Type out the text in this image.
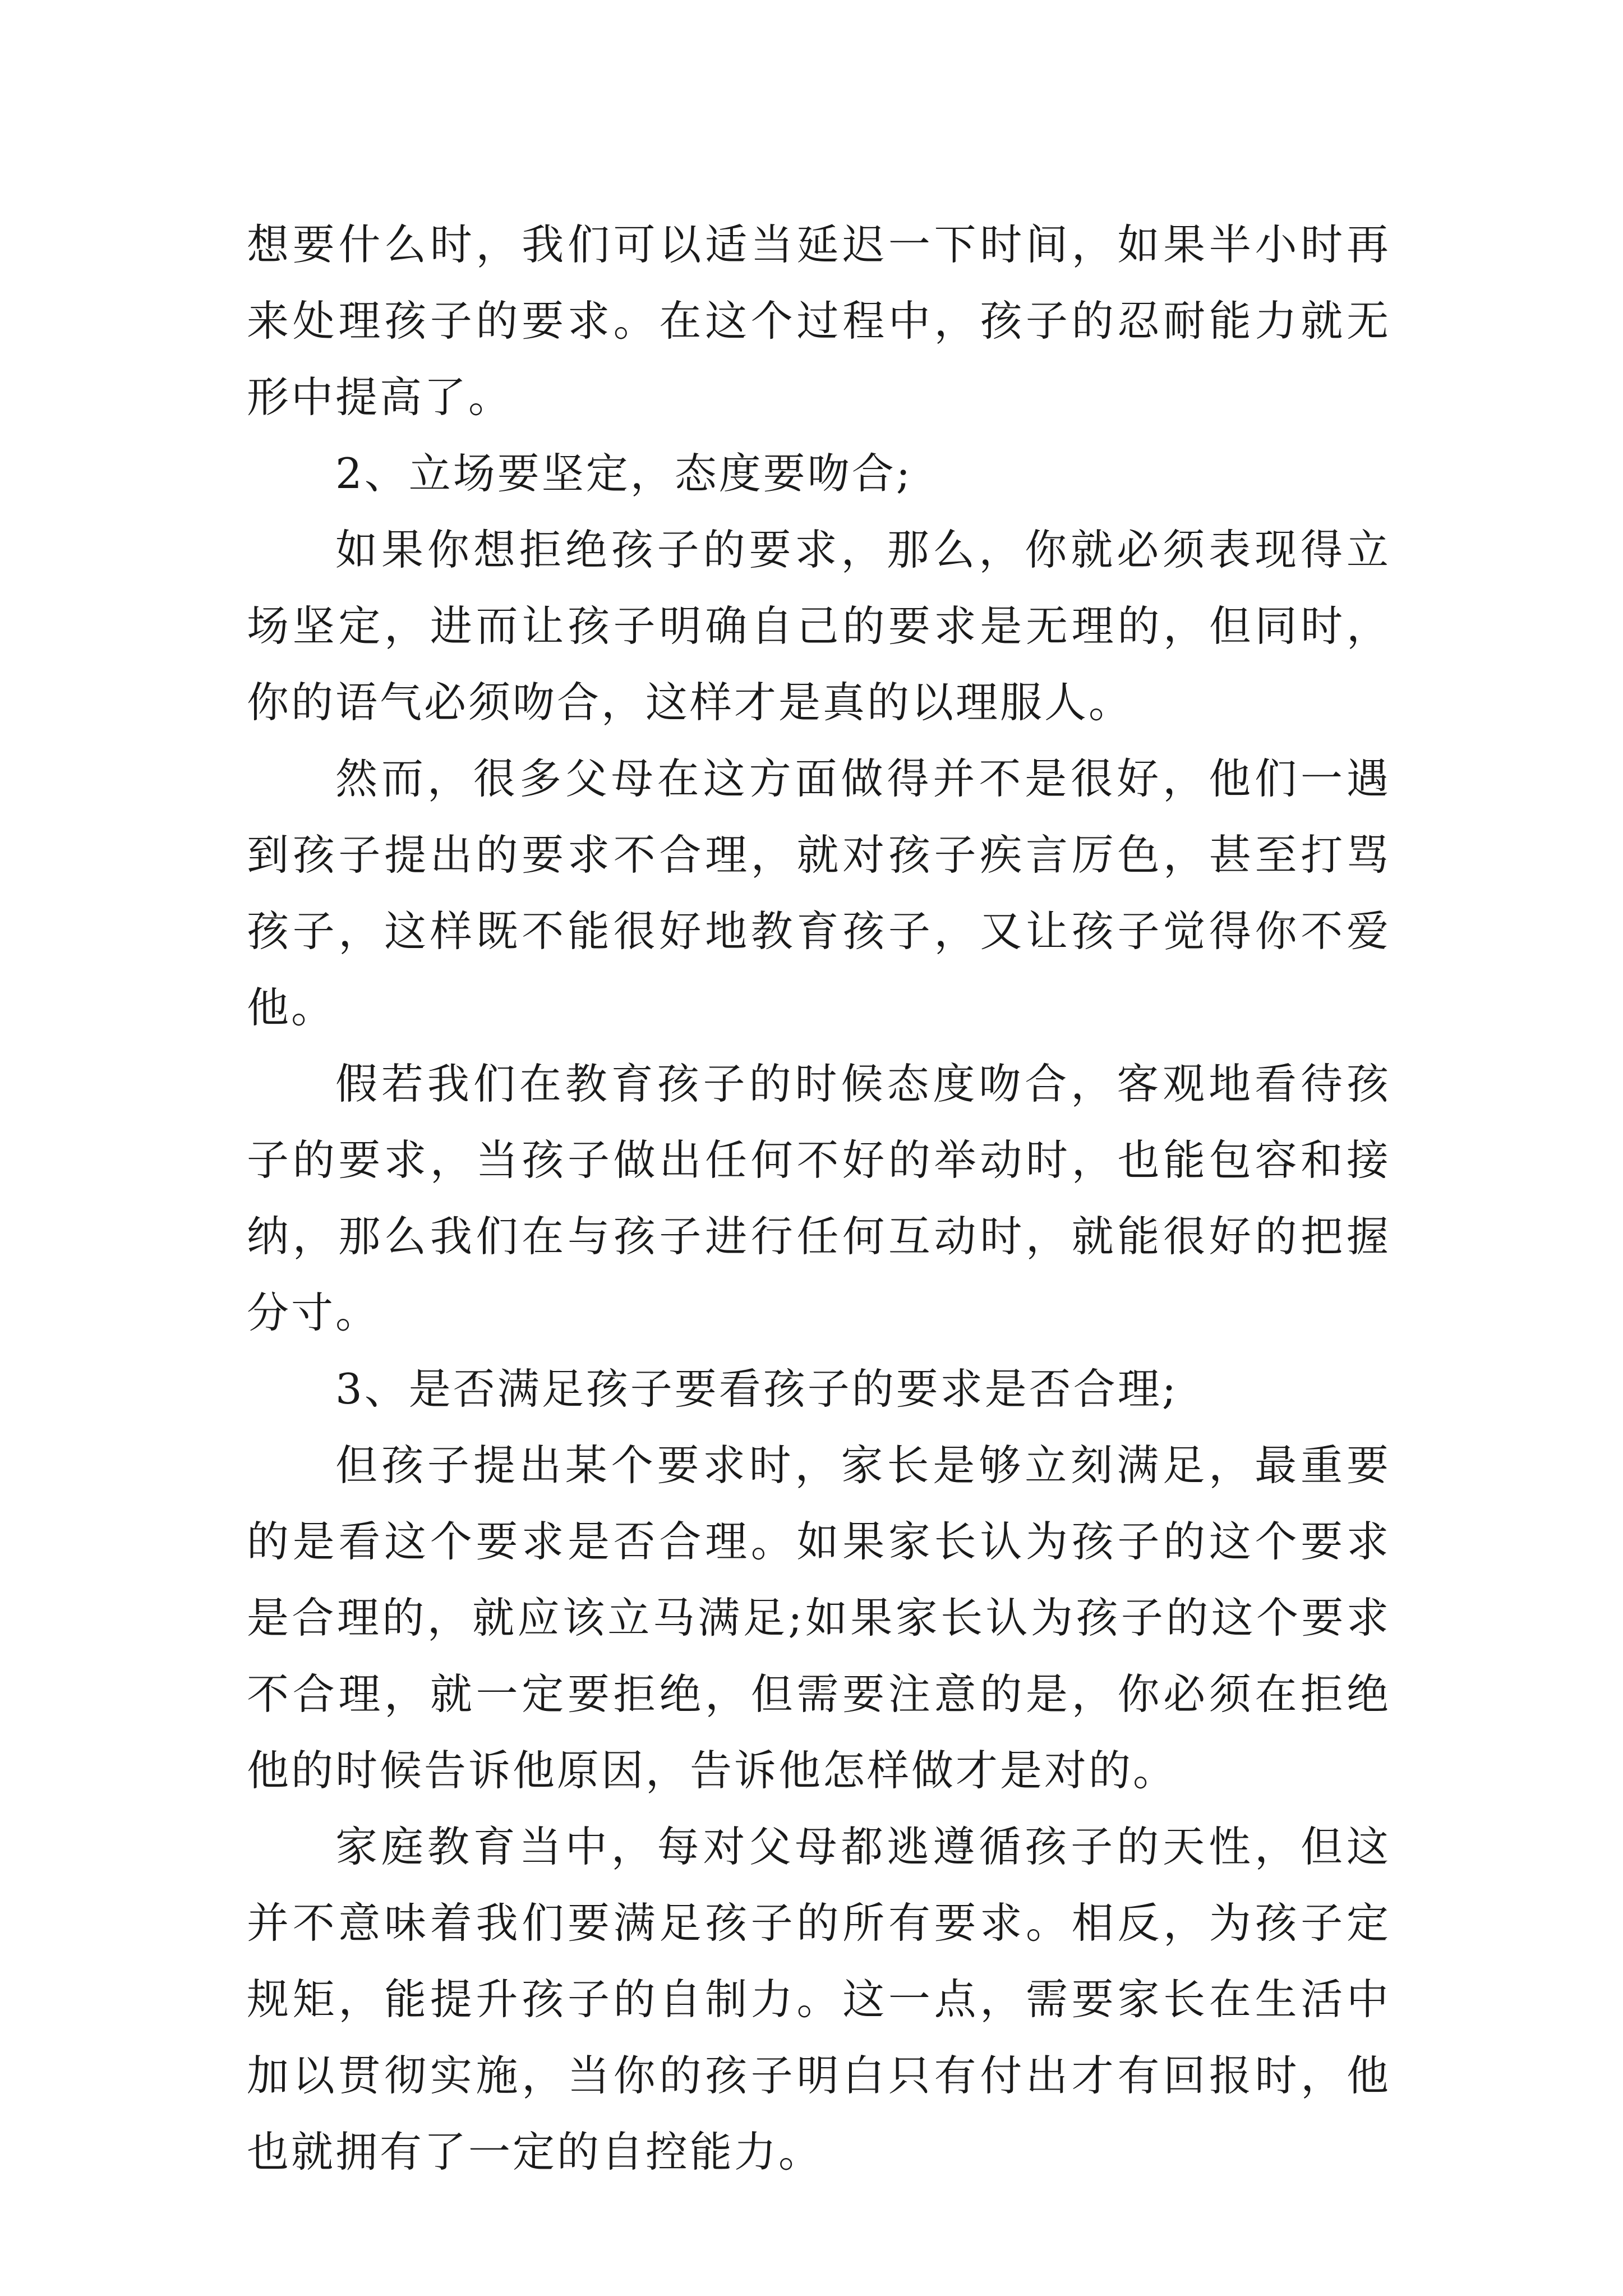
想要什么时，我们可以适当延迟一下时间，如果半小时再来处理孩子的要求。在这个过程中，孩子的忍耐能力就无形中提高了。

2、立场要坚定，态度要吻合;

如果你想拒绝孩子的要求，那么，你就必须表现得立场坚定，进而让孩子明确自己的要求是无理的，但同时，你的语气必须吻合，这样才是真的以理服人。

然而，很多父母在这方面做得并不是很好，他们一遇到孩子提出的要求不合理，就对孩子疾言厉色，甚至打骂孩子，这样既不能很好地教育孩子，又让孩子觉得你不爱他。

假若我们在教育孩子的时候态度吻合，客观地看待孩子的要求，当孩子做出任何不好的举动时，也能包容和接纳，那么我们在与孩子进行任何互动时，就能很好的把握分寸。

3、是否满足孩子要看孩子的要求是否合理;

但孩子提出某个要求时，家长是够立刻满足，最重要的是看这个要求是否合理。如果家长认为孩子的这个要求是合理的，就应该立马满足;如果家长认为孩子的这个要求不合理，就一定要拒绝，但需要注意的是，你必须在拒绝他的时候告诉他原因，告诉他怎样做才是对的。

家庭教育当中，每对父母都逃遵循孩子的天性，但这并不意味着我们要满足孩子的所有要求。相反，为孩子定规矩，能提升孩子的自制力。这一点，需要家长在生活中加以贯彻实施，当你的孩子明白只有付出才有回报时，他也就拥有了一定的自控能力。
